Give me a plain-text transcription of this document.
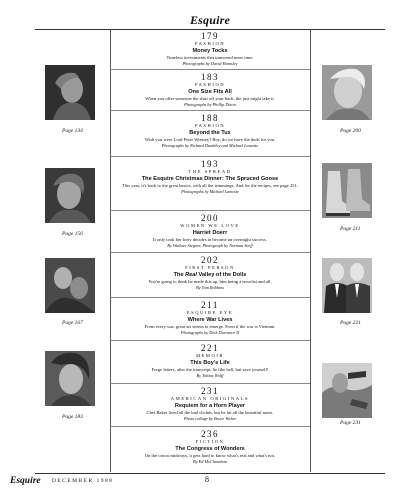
Esquire
179
FASHION
Money Tocks
Timeless investments that transcend mere time.
Photographs by David Hamsley
183
FASHION
One Size Fits All
When you offer someone the shirt off your back, the just might take it.
Photographs by Phillip Dixon
188
FASHION
Beyond the Tux
Wish you were Lord Peter Wimsey? Boy, do we have the duds for you.
Photographs by Richard Dumbley and Michael Lamotte
193
THE SPREAD
The Esquire Christmas Dinner: The Spruced Goose
This year, it's back to the great basics, with all the trimmings. And for the recipes, see page 251.
Photographs by Michael Lamotte
200
WOMEN WE LOVE
Harriet Doerr
It only took her forty decides to become an overnight success.
By Wallace Stegner, Photograph by Norman Seeff
202
FIRST PERSON
The Real Valley of the Dolls
You're going to think he made this up, him being a novelist and all.
By Tom Robbins
211
ESQUIRE EYE
Where War Lives
From every war, great art seems to emerge. Even if the war is Vietnam.
Photographs by Dick Durrance II
221
MEMOIR
This Boy's Life
Forge letters, alter the transcript, lie like hell, but save yourself!
By Tobias Wolff
231
AMERICAN ORIGINALS
Requiem for a Horn Player
Chet Baker lived all the bad clichés, but he hit all the beautiful notes.
Photo collage by Bruce Weber
236
FICTION
The Congress of Wonders
On the circus midways, it gets hard to know what's real and what's not.
By Ed McClanahan
Page 134
Page 156
Page 167
Page 183
Page 200
Page 211
Page 221
Page 231
Esquire DECEMBER 1988	8
